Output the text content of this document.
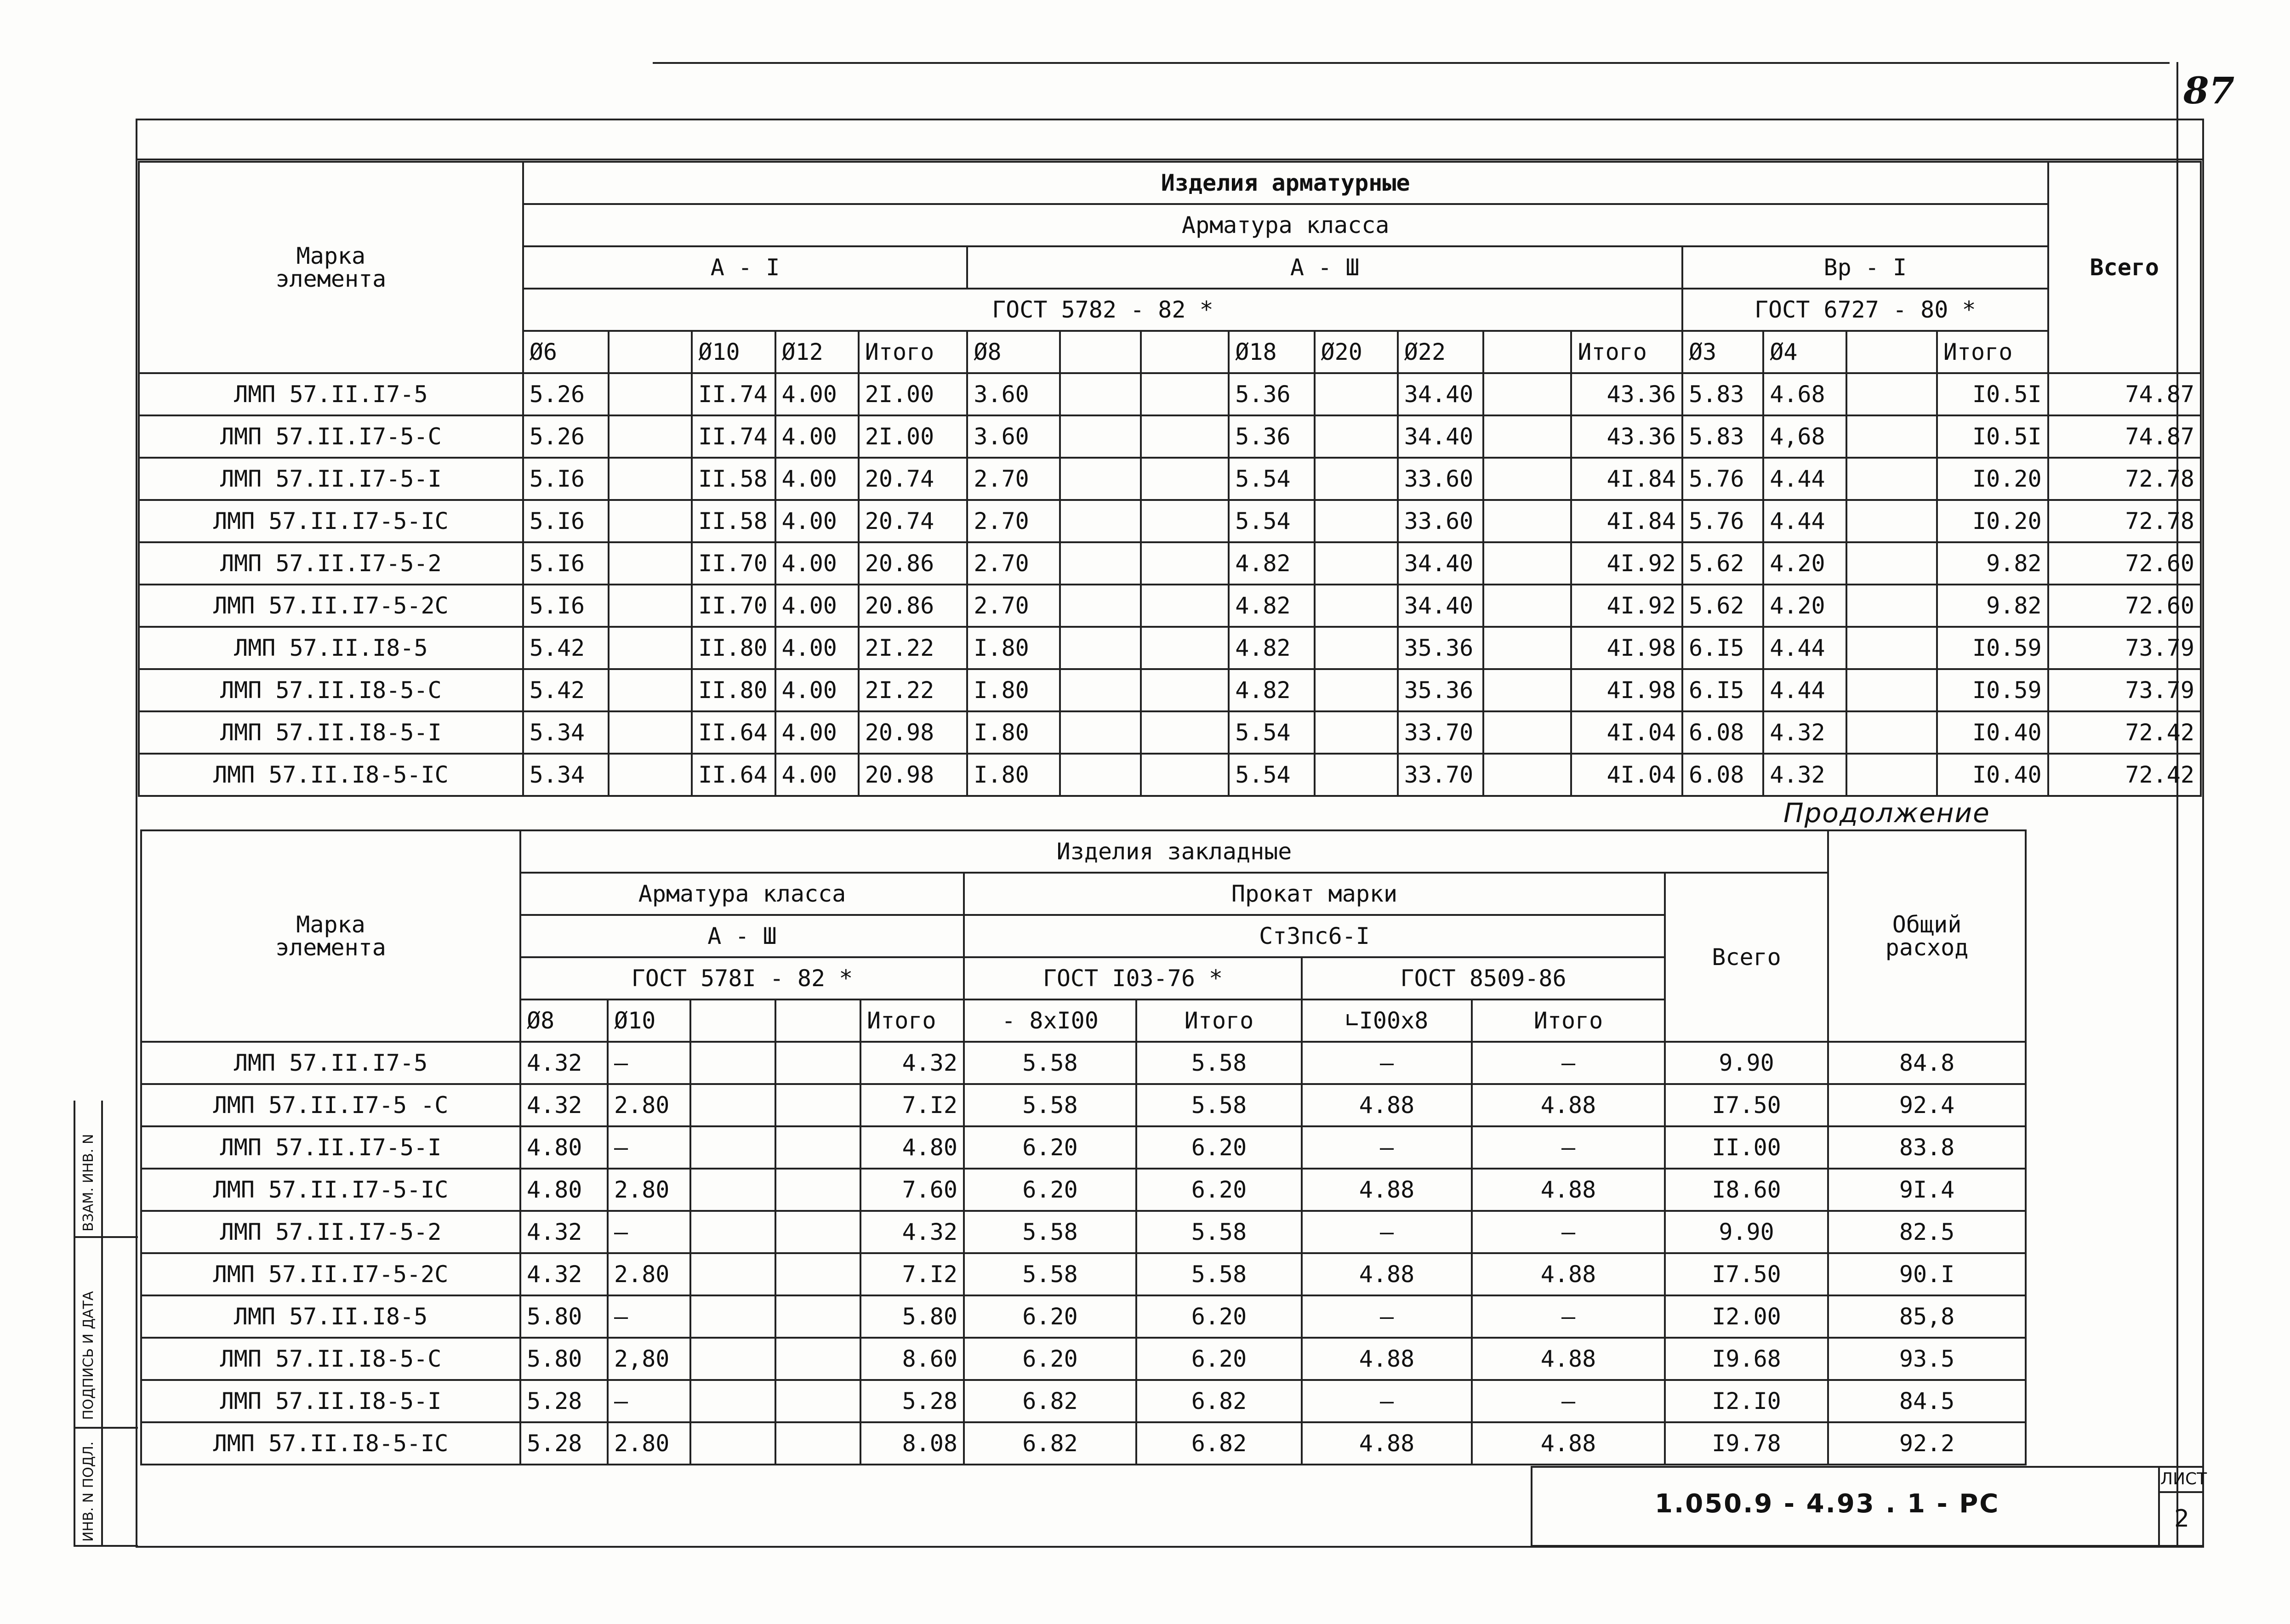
87
Марка
элемента	Изделия арматурные																	Всего
	Арматура класса																	
	А - I					А - Ш								Вр - I				
	ГОСТ 5782 - 82 *													ГОСТ 6727 - 80 *				
	Ø6		Ø10	Ø12	Итого	Ø8			Ø18	Ø20	Ø22		Итого	Ø3	Ø4		Итого	
ЛМП 57.II.I7-5	5.26		II.74	4.00	2I.00	3.60			5.36		34.40		43.36	5.83	4.68		I0.5I	74.87
ЛМП 57.II.I7-5-С	5.26		II.74	4.00	2I.00	3.60			5.36		34.40		43.36	5.83	4,68		I0.5I	74.87
ЛМП 57.II.I7-5-I	5.I6		II.58	4.00	20.74	2.70			5.54		33.60		4I.84	5.76	4.44		I0.20	72.78
ЛМП 57.II.I7-5-IС	5.I6		II.58	4.00	20.74	2.70			5.54		33.60		4I.84	5.76	4.44		I0.20	72.78
ЛМП 57.II.I7-5-2	5.I6		II.70	4.00	20.86	2.70			4.82		34.40		4I.92	5.62	4.20		9.82	72.60
ЛМП 57.II.I7-5-2С	5.I6		II.70	4.00	20.86	2.70			4.82		34.40		4I.92	5.62	4.20		9.82	72.60
ЛМП 57.II.I8-5	5.42		II.80	4.00	2I.22	I.80			4.82		35.36		4I.98	6.I5	4.44		I0.59	73.79
ЛМП 57.II.I8-5-С	5.42		II.80	4.00	2I.22	I.80			4.82		35.36		4I.98	6.I5	4.44		I0.59	73.79
ЛМП 57.II.I8-5-I	5.34		II.64	4.00	20.98	I.80			5.54		33.70		4I.04	6.08	4.32		I0.40	72.42
ЛМП 57.II.I8-5-IС	5.34		II.64	4.00	20.98	I.80			5.54		33.70		4I.04	6.08	4.32		I0.40	72.42
Продолжение
Марка
элемента	Изделия закладные										Общий
расход
	Арматура класса					Прокат марки				Всего	
	А - Ш					Ст3пс6-I					
	ГОСТ 578I - 82 *					ГОСТ I03-76 *		ГОСТ 8509-86			
	Ø8	Ø10			Итого	- 8xI00	Итого	∟I00x8	Итого		
ЛМП 57.II.I7-5	4.32	–			4.32	5.58	5.58	–	–	9.90	84.8
ЛМП 57.II.I7-5 -С	4.32	2.80			7.I2	5.58	5.58	4.88	4.88	I7.50	92.4
ЛМП 57.II.I7-5-I	4.80	–			4.80	6.20	6.20	–	–	II.00	83.8
ЛМП 57.II.I7-5-IС	4.80	2.80			7.60	6.20	6.20	4.88	4.88	I8.60	9I.4
ЛМП 57.II.I7-5-2	4.32	–			4.32	5.58	5.58	–	–	9.90	82.5
ЛМП 57.II.I7-5-2С	4.32	2.80			7.I2	5.58	5.58	4.88	4.88	I7.50	90.I
ЛМП 57.II.I8-5	5.80	–			5.80	6.20	6.20	–	–	I2.00	85,8
ЛМП 57.II.I8-5-С	5.80	2,80			8.60	6.20	6.20	4.88	4.88	I9.68	93.5
ЛМП 57.II.I8-5-I	5.28	–			5.28	6.82	6.82	–	–	I2.I0	84.5
ЛМП 57.II.I8-5-IС	5.28	2.80			8.08	6.82	6.82	4.88	4.88	I9.78	92.2
ИНВ. N ПОДЛ.
ПОДПИСЬ И ДАТА
ВЗАМ. ИНВ. N
1.050.9 - 4.93 . 1 - РС
ЛИСТ
2
